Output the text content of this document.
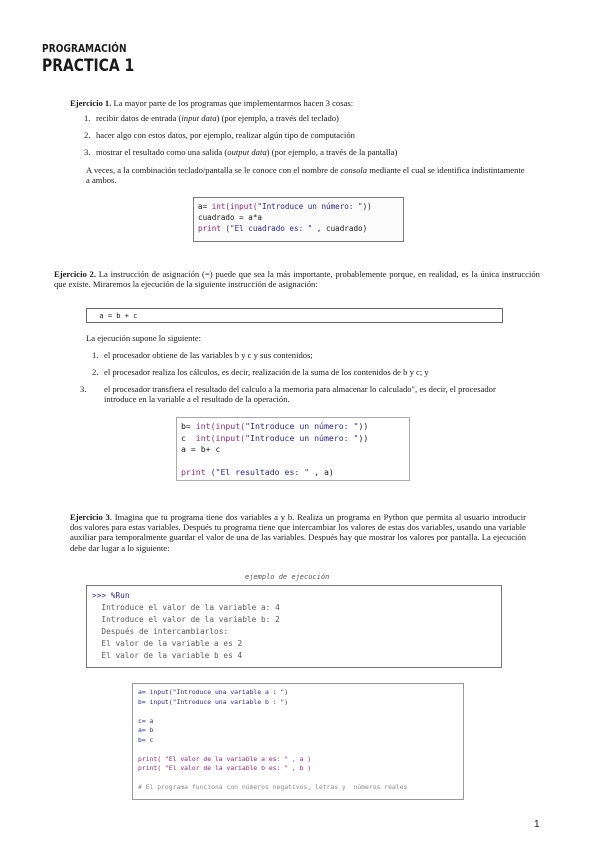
PROGRAMACIÓN
PRACTICA 1

Ejercicio 1. La mayor parte de los programas que implementarmos hacen 3 cosas:

1. recibir datos de entrada (input data) (por ejemplo, a través del teclado)
2. hacer algo con estos datos, por ejemplo, realizar algún tipo de computación
3. mostrar el resultado como una salida (output data) (por ejemplo, a través de la pantalla)

A veces, a la combinación teclado/pantalla se le conoce con el nombre de consola mediante el cual se identifica indistintamente a ambos.

a= int(input("Introduce un número: "))
cuadrado = a*a
print ("El cuadrado es: " , cuadrado)

Ejercicio 2. La instrucción de asignación (=) puede que sea la más importante, probablemente porque, en realidad, es la única instrucción que existe. Miraremos la ejecución de la siguiente instrucción de asignación:

a = b + c

La ejecución supone lo siguiente:

1. el procesador obtiene de las variables b y c y sus contenidos;
2. el procesador realiza los cálculos, es decir, realización de la suma de los contenidos de b y c; y
3. el procesador transfiera el resultado del calculo a la memoria para almacenar lo calculado", es decir, el procesador introduce en la variable a el resultado de la operación.
b= int(input("Introduce un número: "))
c  int(input("Introduce un número: "))
a = b+ c

print ("El resultado es: " , a)

Ejercicio 3. Imagina que tu programa tiene dos variables a y b. Realiza un programa en Python que permita al usuario introducir dos valores para estas variables. Después tu programa tiene que intercambiar los valores de estas dos variables, usando una variable auxiliar para temporalmente guardar el valor de una de las variables. Después hay que mostrar los valores por pantalla. La ejecución debe dar lugar a lo siguiente:

ejemplo de ejecución
>>> %Run
Introduce el valor de la variable a: 4
Introduce el valor de la variable b: 2
Después de intercambiarlos:
El valor de la variable a es 2
El valor de la variable b es 4
a= input("Introduce una variable a : ")
b= input("Introduce una variable b : ")

c= a
a= b
b= c

print( "El valor de la variable a es: " , a )
print( "El valor de la variable b es: " , b )

# El programa funciona con números negativos, letras y  números reales
1
